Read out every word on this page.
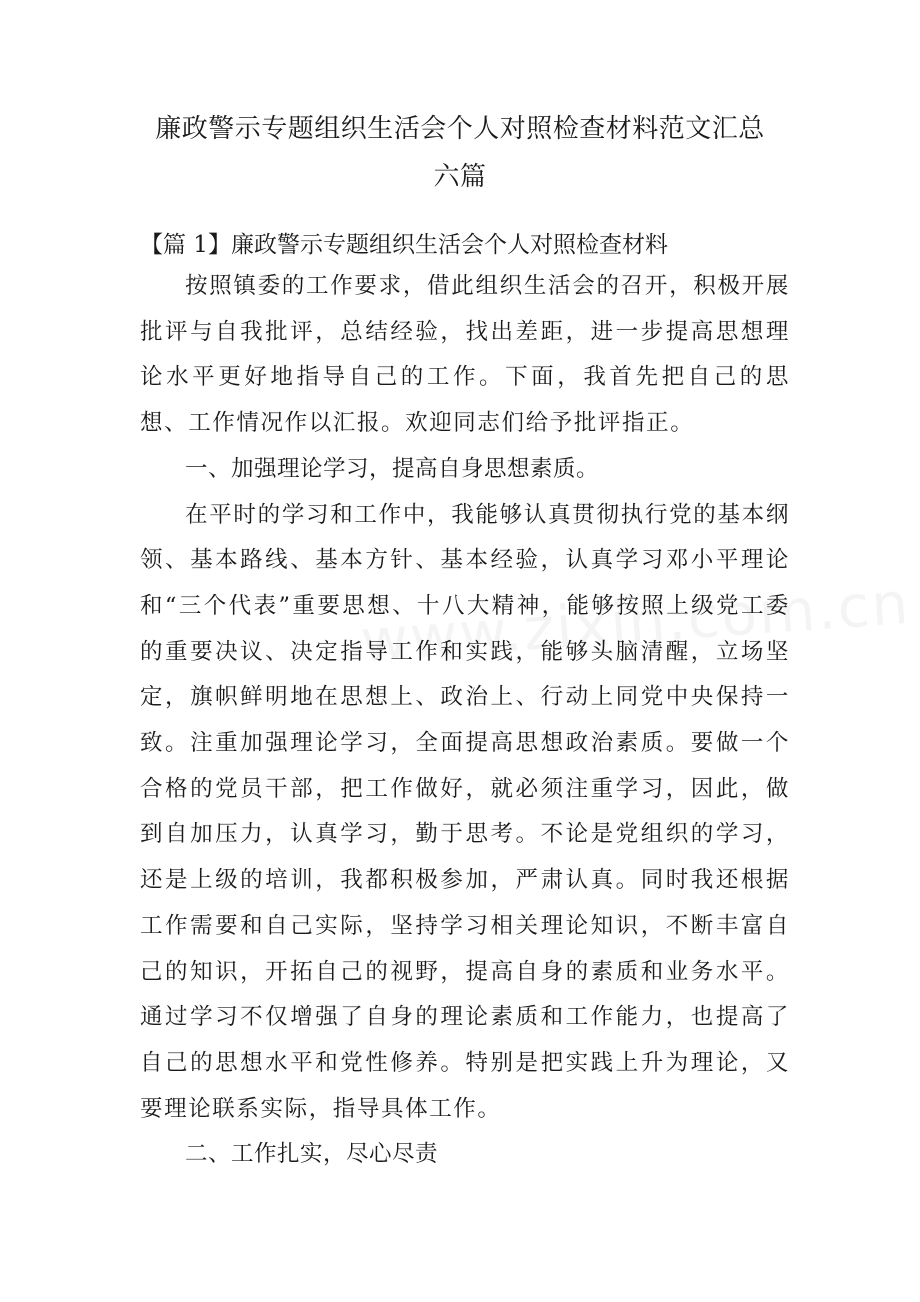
廉政警示专题组织生活会个人对照检查材料范文汇总
六篇
【篇 1】廉政警示专题组织生活会个人对照检查材料

按照镇委的工作要求，借此组织生活会的召开，积极开展批评与自我批评，总结经验，找出差距，进一步提高思想理论水平更好地指导自己的工作。下面，我首先把自己的思想、工作情况作以汇报。欢迎同志们给予批评指正。

一、加强理论学习，提高自身思想素质。

在平时的学习和工作中，我能够认真贯彻执行党的基本纲领、基本路线、基本方针、基本经验，认真学习邓小平理论和“三个代表”重要思想、十八大精神，能够按照上级党工委的重要决议、决定指导工作和实践，能够头脑清醒，立场坚定，旗帜鲜明地在思想上、政治上、行动上同党中央保持一致。注重加强理论学习，全面提高思想政治素质。要做一个合格的党员干部，把工作做好，就必须注重学习，因此，做到自加压力，认真学习，勤于思考。不论是党组织的学习，还是上级的培训，我都积极参加，严肃认真。同时我还根据工作需要和自己实际，坚持学习相关理论知识，不断丰富自己的知识，开拓自己的视野，提高自身的素质和业务水平。通过学习不仅增强了自身的理论素质和工作能力，也提高了自己的思想水平和党性修养。特别是把实践上升为理论，又要理论联系实际，指导具体工作。

二、工作扎实，尽心尽责
